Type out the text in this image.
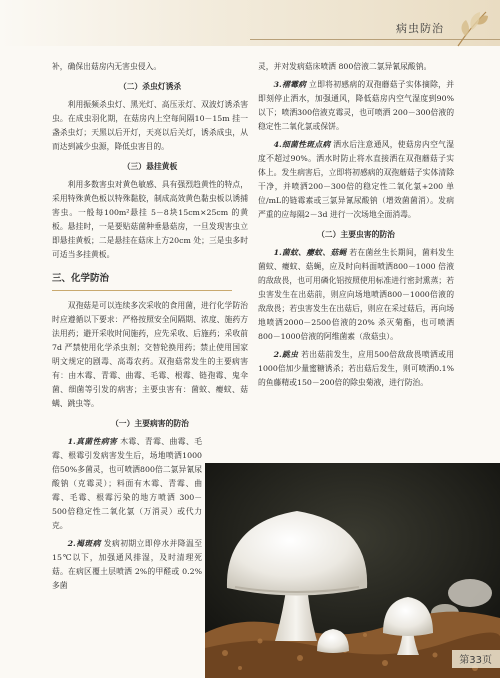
病虫防治

补，确保出菇房内无害虫侵入。

（二）杀虫灯诱杀

利用振频杀虫灯、黑光灯、高压汞灯、双波灯诱杀害虫。在成虫羽化期，在菇房内上空每间隔10－15m 挂一盏杀虫灯；天黑以后开灯，天亮以后关灯，诱杀成虫，从而达到减少虫源，降低虫害目的。

（三）悬挂黄板

利用多数害虫对黄色敏感、具有强烈趋黄性的特点，采用特殊黄色板以特殊黏胶，制成高效黄色黏虫板以诱捕害虫。一般每100m²悬挂 5－8块15cm×25cm 的黄板。悬挂时，一是要贴菇菌种垂悬菇房，一旦发现害虫立即悬挂黄板；二是悬挂在菇床上方20cm 处；三是虫多时可适当多挂黄板。

三、化学防治

双孢菇是可以连续多次采收的食用菌，进行化学防治时应遵循以下要求：严格按照安全间隔期、浓度、施药方法用药；避开采收时间施药，应先采收、后施药；采收前 7d 严禁使用化学杀虫剂；交替轮换用药；禁止使用国家明文规定的剧毒、高毒农药。双孢菇常发生的主要病害有：由木霉、青霉、曲霉、毛霉、根霉、链孢霉、鬼伞菌、细菌等引发的病害；主要虫害有：菌蚊、瘿蚊、菇螨、跳虫等。

（一）主要病害的防治

1.真菌性病害 木霉、青霉、曲霉、毛霉、根霉引发病害发生后，场地喷洒1000倍50%多菌灵，也可喷洒800倍二氯异氰尿酸钠（克霉灵）；料面有木霉、青霉、曲霉、毛霉、根霉污染的地方喷洒 300－ 500倍稳定性二氧化氯（万消灵）或代力克。

2.褐斑病 发病初期立即停水并降温至15℃以下，加强通风排湿，及时清理死菇。在病区覆土层喷洒 2%的甲醛或 0.2%多菌

灵，并对发病菇床喷洒 800倍液二氯异氰尿酸钠。

3.褶霉病 立即将初感病的双孢蘑菇子实体摘除，并即刻停止洒水，加强通风，降低菇房内空气湿度到90%以下；喷洒300倍液克霉灵，也可喷洒 200－300倍液的稳定性二氧化氯或保饼。

4.细菌性斑点病 洒水后注意通风，使菇房内空气湿度不超过90%。洒水时防止将水直接洒在双孢蘑菇子实体上。发生病害后，立即将初感病的双孢蘑菇子实体清除干净，并喷洒200－300倍的稳定性二氧化氯+200 单位/mL的链霉素或三氯异氰尿酸钠（增效菌菌消）。发病严重的应每隔2－3d 进行一次场地全面消毒。

（二）主要虫害的防治

1.菌蚊、瘿蚊、菇蝇 若在菌丝生长期间，菌料发生菌蚊、瘿蚊、菇蝇，应及时向料面喷洒800－1000 倍液的敌敌畏，也可用磷化铝按照使用标准进行密封熏蒸；若虫害发生在出菇前，则应向场地喷洒800－1000倍液的敌敌畏；若虫害发生在出菇后，则应在采过菇后，再向场地喷洒2000－2500倍液的20% 杀灭菊酯，也可喷洒 800－1000倍液的阿维菌素（敌菇虫）。

2.跳虫 若出菇前发生，应用500倍敌敌畏喷洒或用1000倍加少量蜜糖诱杀；若出菇后发生，则可喷洒0.1% 的鱼藤精或150－200倍的除虫菊液，进行防治。

第33页
